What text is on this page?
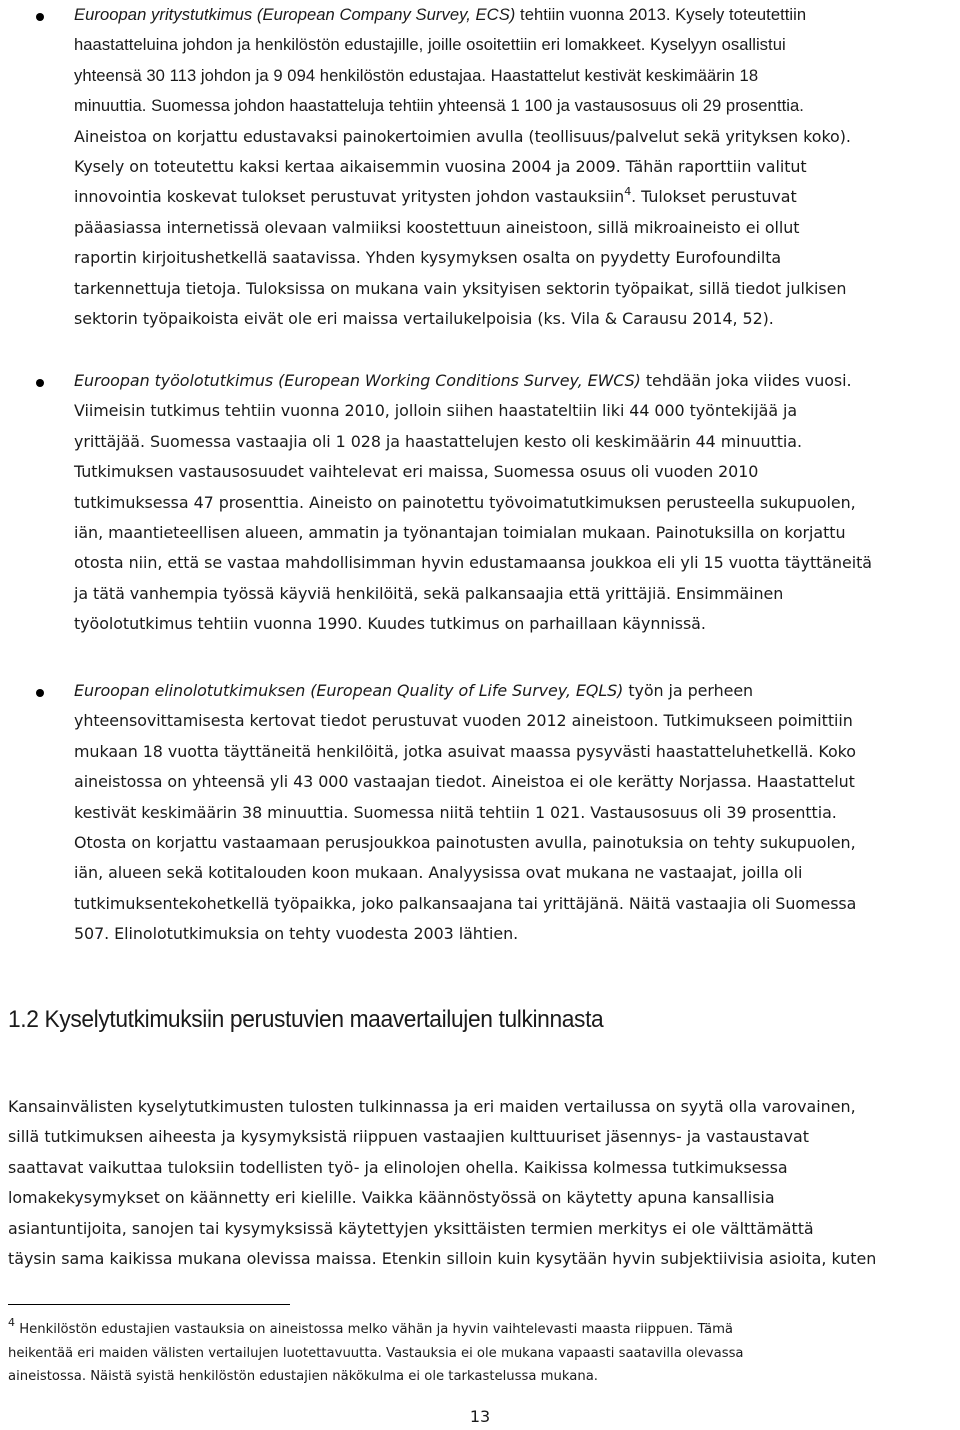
Euroopan yritystutkimus (European Company Survey, ECS) tehtiin vuonna 2013. Kysely toteutettiin
haastatteluina johdon ja henkilöstön edustajille, joille osoitettiin eri lomakkeet. Kyselyyn osallistui
yhteensä 30 113 johdon ja 9 094 henkilöstön edustajaa. Haastattelut kestivät keskimäärin 18
minuuttia. Suomessa johdon haastatteluja tehtiin yhteensä 1 100 ja vastausosuus oli 29 prosenttia.
Aineistoa on korjattu edustavaksi painokertoimien avulla (teollisuus/palvelut sekä yrityksen koko).
Kysely on toteutettu kaksi kertaa aikaisemmin vuosina 2004 ja 2009. Tähän raporttiin valitut
innovointia koskevat tulokset perustuvat yritysten johdon vastauksiin$^4$. Tulokset perustuvat
pääasiassa internetissä olevaan valmiiksi koostettuun aineistoon, sillä mikroaineisto ei ollut
raportin kirjoitushetkellä saatavissa. Yhden kysymyksen osalta on pyydetty Eurofoundilta
tarkennettuja tietoja. Tuloksissa on mukana vain yksityisen sektorin työpaikat, sillä tiedot julkisen
sektorin työpaikoista eivät ole eri maissa vertailukelpoisia (ks. Vila & Carausu 2014, 52).
Euroopan työolotutkimus (European Working Conditions Survey, EWCS) tehdään joka viides vuosi.
Viimeisin tutkimus tehtiin vuonna 2010, jolloin siihen haastateltiin liki 44 000 työntekijää ja
yrittäjää. Suomessa vastaajia oli 1 028 ja haastattelujen kesto oli keskimäärin 44 minuuttia.
Tutkimuksen vastausosuudet vaihtelevat eri maissa, Suomessa osuus oli vuoden 2010
tutkimuksessa 47 prosenttia. Aineisto on painotettu työvoimatutkimuksen perusteella sukupuolen,
iän, maantieteellisen alueen, ammatin ja työnantajan toimialan mukaan. Painotuksilla on korjattu
otosta niin, että se vastaa mahdollisimman hyvin edustamaansa joukkoa eli yli 15 vuotta täyttäneitä
ja tätä vanhempia työssä käyviä henkilöitä, sekä palkansaajia että yrittäjiä. Ensimmäinen
työolotutkimus tehtiin vuonna 1990. Kuudes tutkimus on parhaillaan käynnissä.
Euroopan elinolotutkimuksen (European Quality of Life Survey, EQLS) työn ja perheen
yhteensovittamisesta kertovat tiedot perustuvat vuoden 2012 aineistoon. Tutkimukseen poimittiin
mukaan 18 vuotta täyttäneitä henkilöitä, jotka asuivat maassa pysyvästi haastatteluhetkellä. Koko
aineistossa on yhteensä yli 43 000 vastaajan tiedot. Aineistoa ei ole kerätty Norjassa. Haastattelut
kestivät keskimäärin 38 minuuttia. Suomessa niitä tehtiin 1 021. Vastausosuus oli 39 prosenttia.
Otosta on korjattu vastaamaan perusjoukkoa painotusten avulla, painotuksia on tehty sukupuolen,
iän, alueen sekä kotitalouden koon mukaan. Analyysissa ovat mukana ne vastaajat, joilla oli
tutkimuksentekohetkellä työpaikka, joko palkansaajana tai yrittäjänä. Näitä vastaajia oli Suomessa
507. Elinolotutkimuksia on tehty vuodesta 2003 lähtien.
1.2 Kyselytutkimuksiin perustuvien maavertailujen tulkinnasta
Kansainvälisten kyselytutkimusten tulosten tulkinnassa ja eri maiden vertailussa on syytä olla varovainen,
sillä tutkimuksen aiheesta ja kysymyksistä riippuen vastaajien kulttuuriset jäsennys- ja vastaustavat
saattavat vaikuttaa tuloksiin todellisten työ- ja elinolojen ohella. Kaikissa kolmessa tutkimuksessa
lomakekysymykset on käännetty eri kielille. Vaikka käännöstyössä on käytetty apuna kansallisia
asiantuntijoita, sanojen tai kysymyksissä käytettyjen yksittäisten termien merkitys ei ole välttämättä
täysin sama kaikissa mukana olevissa maissa. Etenkin silloin kuin kysytään hyvin subjektiivisia asioita, kuten
$^4$ Henkilöstön edustajien vastauksia on aineistossa melko vähän ja hyvin vaihtelevasti maasta riippuen. Tämä
heikentää eri maiden välisten vertailujen luotettavuutta. Vastauksia ei ole mukana vapaasti saatavilla olevassa
aineistossa. Näistä syistä henkilöstön edustajien näkökulma ei ole tarkastelussa mukana.
13
